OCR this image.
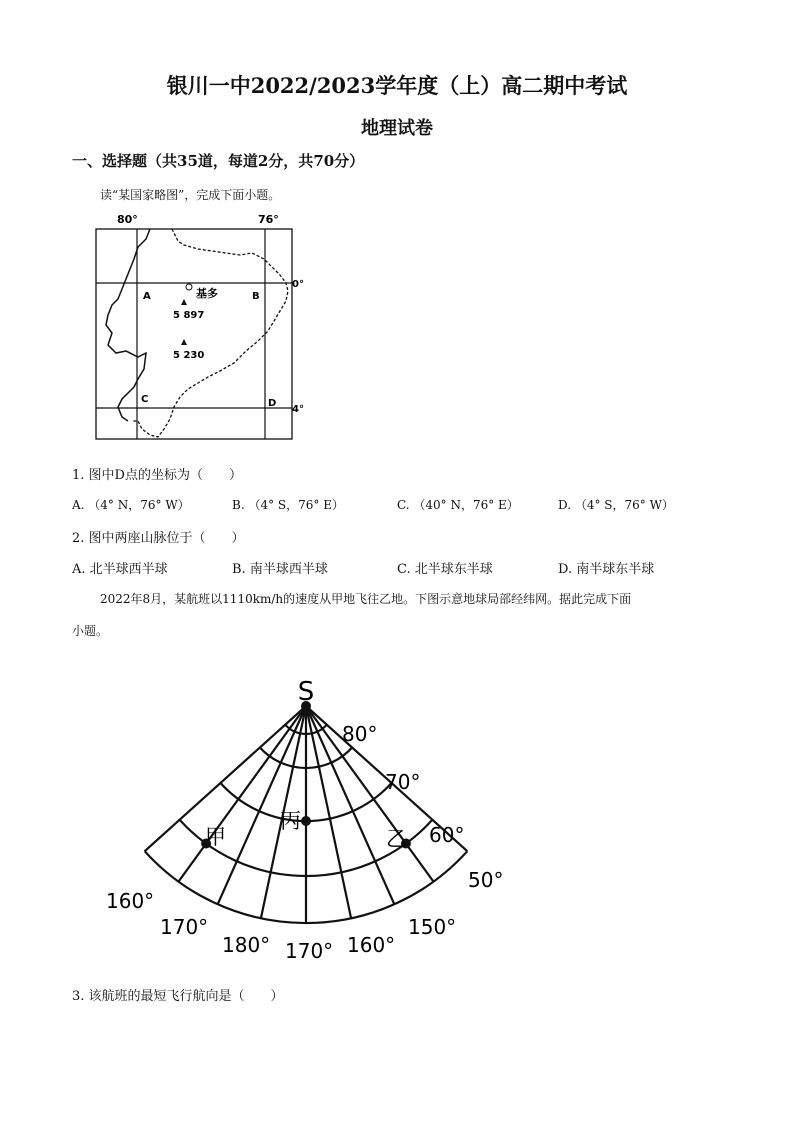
银川一中2022/2023学年度（上）高二期中考试
地理试卷
一、选择题（共35道，每道2分，共70分）
读“某国家略图”，完成下面小题。
80°	76°
0°
4°
A	B
C	D
基多
5 897
5 230
1. 图中D点的坐标为（　　）
A. （4° N，76° W）	B. （4° S，76° E）	C. （40° N，76° E）	D. （4° S，76° W）
2. 图中两座山脉位于（　　）
A. 北半球西半球	B. 南半球西半球	C. 北半球东半球	D. 南半球东半球
2022年8月，某航班以1110km/h的速度从甲地飞往乙地。下图示意地球局部经纬网。据此完成下面
小题。
S
80°
70°
60°
50°
160°
170°
180° 170° 160°
150°
甲
丙
乙
3. 该航班的最短飞行航向是（　　）
